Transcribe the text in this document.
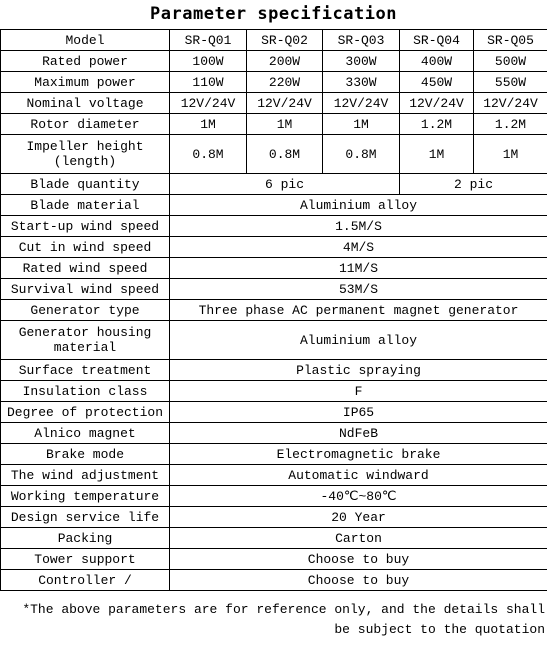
Parameter specification
Model	SR-Q01	SR-Q02	SR-Q03	SR-Q04	SR-Q05
Rated power	100W	200W	300W	400W	500W
Maximum power	110W	220W	330W	450W	550W
Nominal voltage	12V/24V	12V/24V	12V/24V	12V/24V	12V/24V
Rotor diameter	1M	1M	1M	1.2M	1.2M
Impeller height (length)	0.8M	0.8M	0.8M	1M	1M
Blade quantity	6 pic			2 pic	
Blade material	Aluminium alloy				
Start-up wind speed	1.5M/S				
Cut in wind speed	4M/S				
Rated wind speed	11M/S				
Survival wind speed	53M/S				
Generator type	Three phase AC permanent magnet generator				
Generator housing material	Aluminium alloy				
Surface treatment	Plastic spraying				
Insulation class	F				
Degree of protection	IP65				
Alnico magnet	NdFeB				
Brake mode	Electromagnetic brake				
The wind adjustment	Automatic windward				
Working temperature	-40℃~80℃				
Design service life	20 Year				
Packing	Carton				
Tower support	Choose to buy				
Controller /	Choose to buy				
*The above parameters are for reference only, and the details shall
be subject to the quotation
